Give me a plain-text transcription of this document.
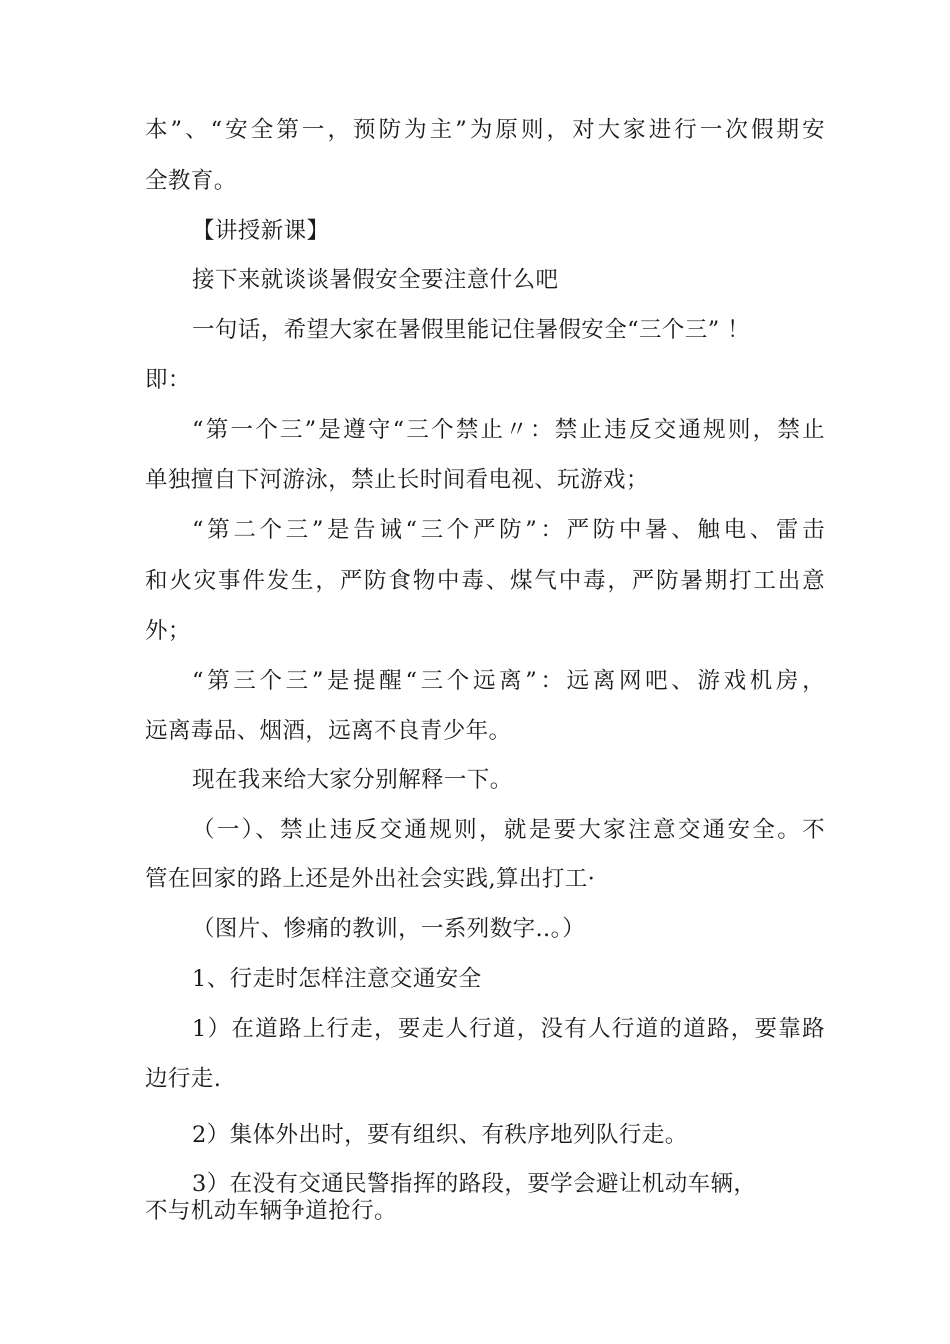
本”、“安全第一，预防为主”为原则，对大家进行一次假期安
全教育。
【讲授新课】
接下来就谈谈暑假安全要注意什么吧
一句话，希望大家在暑假里能记住暑假安全“三个三” ！
即：
“第一个三”是遵守“三个禁止〃：禁止违反交通规则，禁止
单独擅自下河游泳，禁止长时间看电视、玩游戏；
“第二个三”是告诫“三个严防”：严防中暑、触电、雷击
和火灾事件发生，严防食物中毒、煤气中毒，严防暑期打工出意
外；
“第三个三”是提醒“三个远离”：远离网吧、游戏机房，
远离毒品、烟酒，远离不良青少年。
现在我来给大家分别解释一下。
（一）、禁止违反交通规则，就是要大家注意交通安全。不
管在回家的路上还是外出社会实践,算出打工·
（图片、惨痛的教训，一系列数字..。）
1、行走时怎样注意交通安全
1）在道路上行走，要走人行道，没有人行道的道路，要靠路
边行走.
2）集体外出时，要有组织、有秩序地列队行走。
3）在没有交通民警指挥的路段，要学会避让机动车辆，
不与机动车辆争道抢行。
